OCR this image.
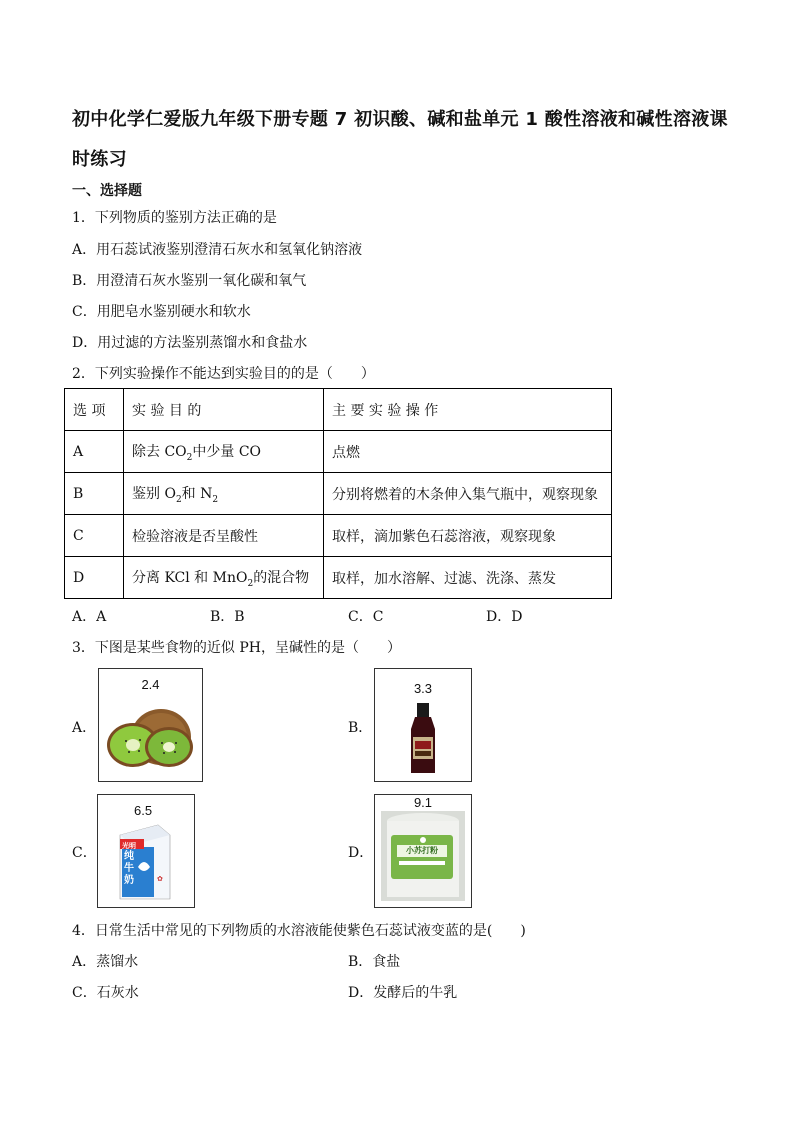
初中化学仁爱版九年级下册专题 7 初识酸、碱和盐单元 1 酸性溶液和碱性溶液课时练习
一、选择题
1．下列物质的鉴别方法正确的是
A．用石蕊试液鉴别澄清石灰水和氢氧化钠溶液
B．用澄清石灰水鉴别一氧化碳和氧气
C．用肥皂水鉴别硬水和软水
D．用过滤的方法鉴别蒸馏水和食盐水
2．下列实验操作不能达到实验目的的是（　　）
选 项	实 验 目 的	主 要 实 验 操 作
A	除去 $CO_2$中少量 CO	点燃
B	鉴别 $O_2$和 $N_2$	分别将燃着的木条伸入集气瓶中，观察现象
C	检验溶液是否呈酸性	取样，滴加紫色石蕊溶液，观察现象
D	分离 KCl 和 MnO$_2$的混合物	取样，加水溶解、过滤、洗涤、蒸发
A．A	B．B	C．C	D．D
3．下图是某些食物的近似 PH，呈碱性的是（　　）
A．
2.4
B．
3.3
C．
6.5
✿
光明
纯牛奶
D．
9.1
小苏打粉
4．日常生活中常见的下列物质的水溶液能使紫色石蕊试液变蓝的是(　　)
A．蒸馏水	B．食盐
C．石灰水	D．发酵后的牛乳
